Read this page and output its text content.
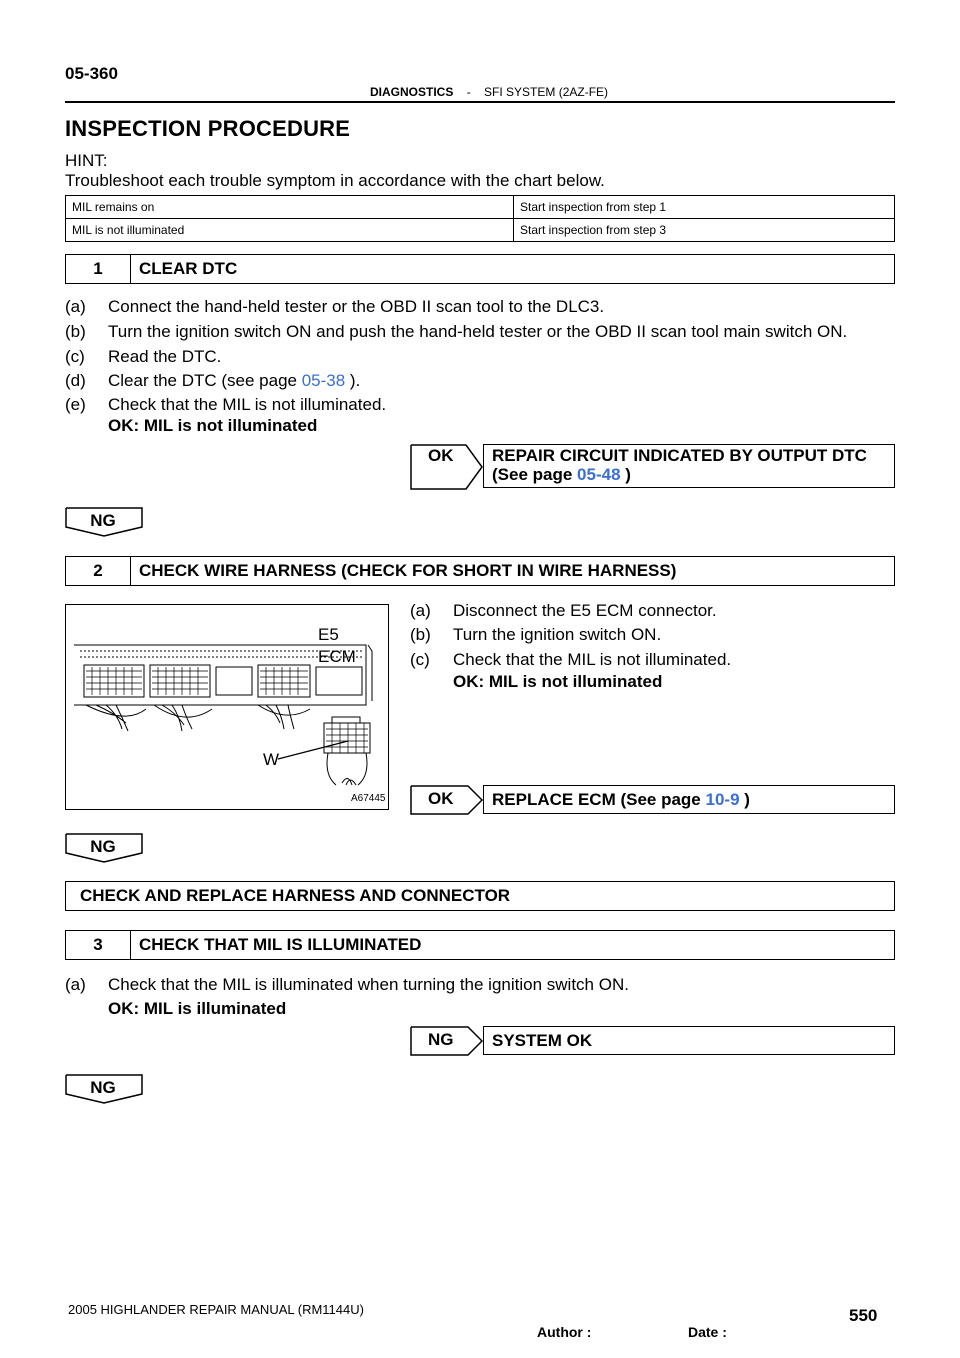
05-360
DIAGNOSTICS - SFI SYSTEM (2AZ-FE)
INSPECTION PROCEDURE
HINT:
Troubleshoot each trouble symptom in accordance with the chart below.
MIL remains on	Start inspection from step 1
MIL is not illuminated	Start inspection from step 3
1	CLEAR DTC
(a) Connect the hand-held tester or the OBD II scan tool to the DLC3.
(b) Turn the ignition switch ON and push the hand-held tester or the OBD II scan tool main switch ON.
(c) Read the DTC.
(d) Clear the DTC (see page 05-38 ).
(e) Check that the MIL is not illuminated.
OK: MIL is not illuminated
OK REPAIR CIRCUIT INDICATED BY OUTPUT DTC
(See page 05-48 )
NG
2	CHECK WIRE HARNESS (CHECK FOR SHORT IN WIRE HARNESS)
E5
ECM
W
A67445
(a) Disconnect the E5 ECM connector.
(b) Turn the ignition switch ON.
(c) Check that the MIL is not illuminated.
OK: MIL is not illuminated
OK REPLACE ECM (See page 10-9 )
NG
CHECK AND REPLACE HARNESS AND CONNECTOR
3	CHECK THAT MIL IS ILLUMINATED
(a) Check that the MIL is illuminated when turning the ignition switch ON.
OK: MIL is illuminated
NG SYSTEM OK
NG
2005 HIGHLANDER REPAIR MANUAL (RM1144U)	550
Author :	Date :
